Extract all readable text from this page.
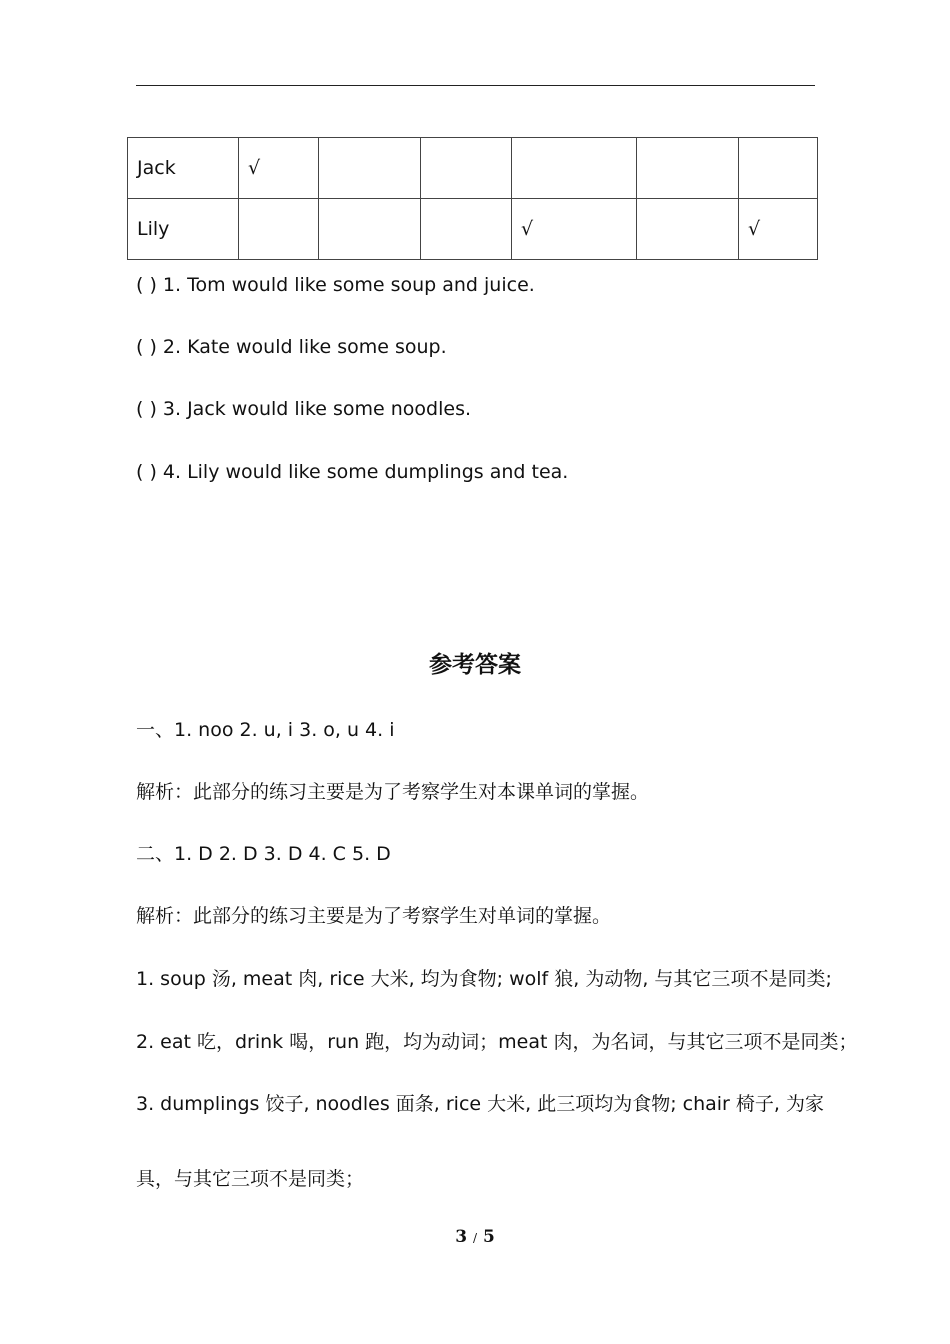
Jack	√					
Lily				√		√
( ) 1. Tom would like some soup and juice.
( ) 2. Kate would like some soup.
( ) 3. Jack would like some noodles.
( ) 4. Lily would like some dumplings and tea.
参考答案
一、1. noo 2. u, i 3. o, u 4. i
解析：此部分的练习主要是为了考察学生对本课单词的掌握。
二、1. D 2. D 3. D 4. C 5. D
解析：此部分的练习主要是为了考察学生对单词的掌握。
1. soup 汤, meat 肉, rice 大米, 均为食物; wolf 狼, 为动物, 与其它三项不是同类;
2. eat 吃，drink 喝，run 跑，均为动词；meat 肉，为名词，与其它三项不是同类；
3. dumplings 饺子, noodles 面条, rice 大米, 此三项均为食物; chair 椅子, 为家
具，与其它三项不是同类；
3 / 5
